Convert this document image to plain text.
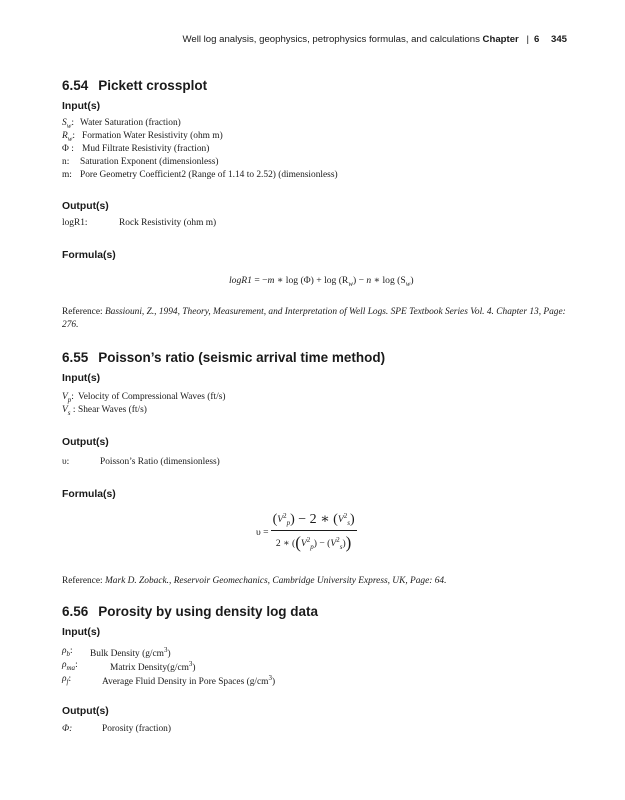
Well log analysis, geophysics, petrophysics formulas, and calculations Chapter | 6 345
6.54 Pickett crossplot
Input(s)
$S_w$: Water Saturation (fraction)
$R_w$: Formation Water Resistivity (ohm m)
Φ : Mud Filtrate Resistivity (fraction)
n: Saturation Exponent (dimensionless)
m: Pore Geometry Coefficient2 (Range of 1.14 to 2.52) (dimensionless)
Output(s)
logR1:	Rock Resistivity (ohm m)
Formula(s)
logR1 = −m ∗ $\log (\Phi) + \log (R_w) - n$ ∗ $\log (S_w)$
Reference: Bassiouni, Z., 1994, Theory, Measurement, and Interpretation of Well Logs. SPE Textbook Series Vol. 4. Chapter 13, Page: 276.
6.55 Poisson’s ratio (seismic arrival time method)
Input(s)
$V_p$: Velocity of Compressional Waves (ft/s)
$V_s$ : Shear Waves (ft/s)
Output(s)
υ:	Poisson’s Ratio (dimensionless)
Formula(s)
$\upsilon = \frac{(V^2_p) - 2 ∗ (V^2_s)}{2 ∗ ((V^2_p) - (V^2_s))}$
Reference: Mark D. Zoback., Reservoir Geomechanics, Cambridge University Express, UK, Page: 64.
6.56 Porosity by using density log data
Input(s)
$\rho_b$: Bulk Density $(g/cm^3)$
$\rho_{ma}$:	Matrix $Density(g/cm^3)$
$\rho_f$:	Average Fluid Density in Pore Spaces $(g/cm^3)$
Output(s)
Φ:	Porosity (fraction)
